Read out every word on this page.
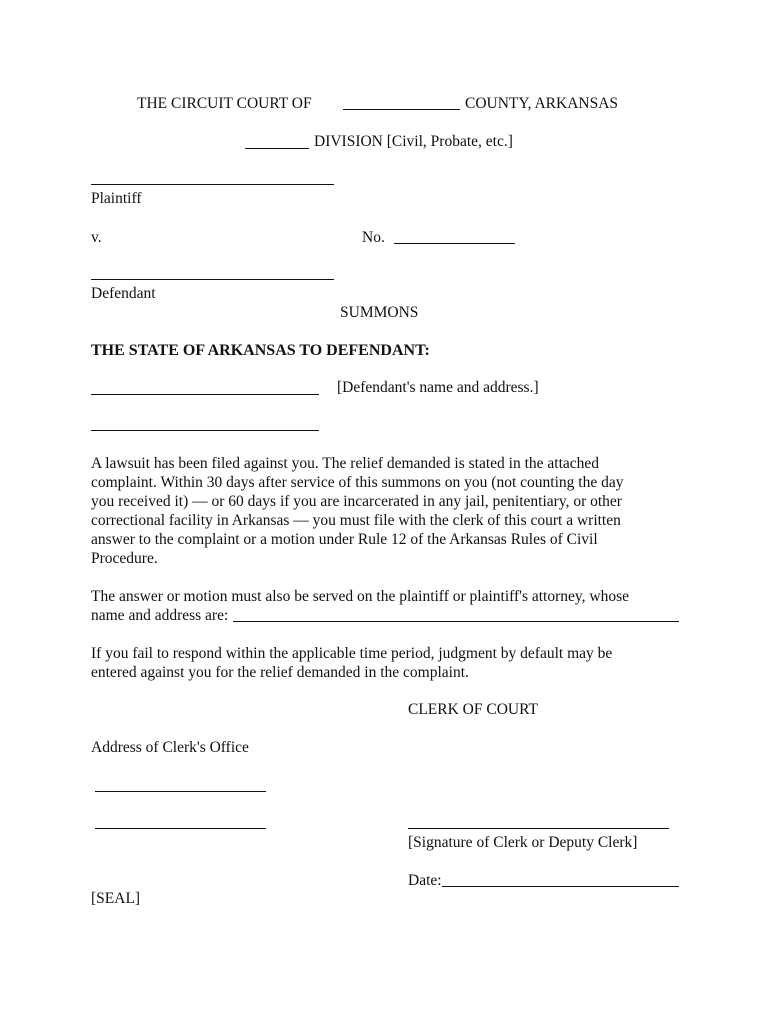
THE CIRCUIT COURT OF	COUNTY, ARKANSAS
DIVISION [Civil, Probate, etc.]
Plaintiff
v.	No.
Defendant
SUMMONS
THE STATE OF ARKANSAS TO DEFENDANT:
[Defendant's name and address.]
A lawsuit has been filed against you. The relief demanded is stated in the attached
complaint. Within 30 days after service of this summons on you (not counting the day
you received it) — or 60 days if you are incarcerated in any jail, penitentiary, or other
correctional facility in Arkansas — you must file with the clerk of this court a written
answer to the complaint or a motion under Rule 12 of the Arkansas Rules of Civil
Procedure.
The answer or motion must also be served on the plaintiff or plaintiff's attorney, whose
name and address are:
If you fail to respond within the applicable time period, judgment by default may be
entered against you for the relief demanded in the complaint.
CLERK OF COURT
Address of Clerk's Office
[Signature of Clerk or Deputy Clerk]
Date:
[SEAL]
